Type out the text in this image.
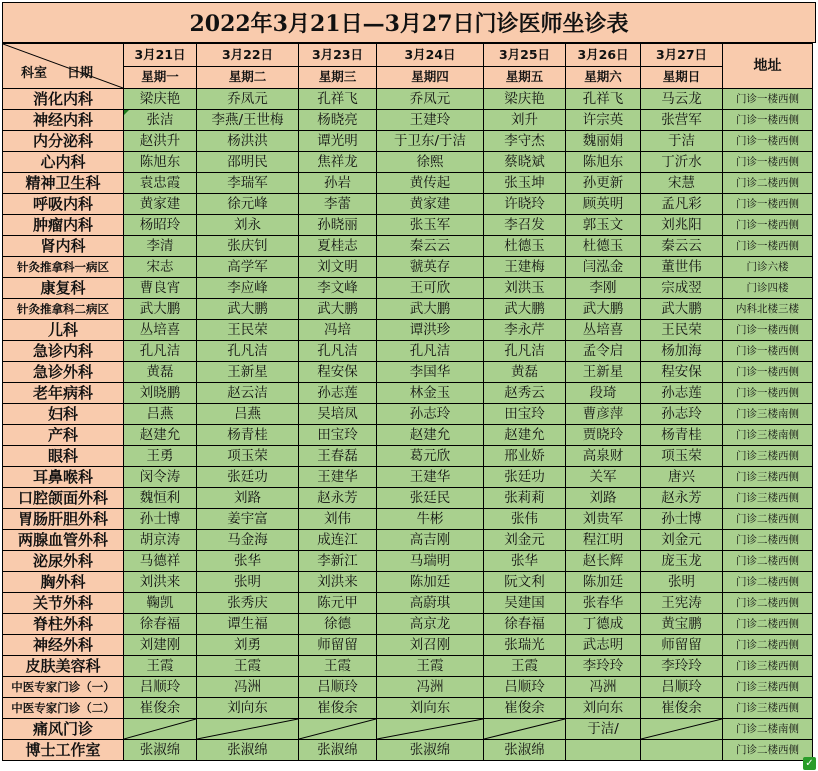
2022年3月21日—3月27日门诊医师坐诊表
科室 日期	3月21日	3月22日	3月23日	3月24日	3月25日	3月26日	3月27日	地址
	星期一	星期二	星期三	星期四	星期五	星期六	星期日	
消化内科	梁庆艳	乔凤元	孔祥飞	乔凤元	梁庆艳	孔祥飞	马云龙	门诊一楼西侧
神经内科	张洁	李燕/王世梅	杨晓亮	王建玲	刘升	许宗英	张营军	门诊一楼西侧
内分泌科	赵洪升	杨洪洪	谭光明	于卫东/于洁	李守杰	魏丽娟	于洁	门诊一楼西侧
心内科	陈旭东	邵明民	焦祥龙	徐熙	蔡晓斌	陈旭东	丁沂水	门诊一楼西侧
精神卫生科	袁忠霞	李瑞军	孙岩	黄传起	张玉坤	孙更新	宋慧	门诊二楼西侧
呼吸内科	黄家建	徐元峰	李蕾	黄家建	许晓玲	顾英明	孟凡彩	门诊一楼西侧
肿瘤内科	杨昭玲	刘永	孙晓丽	张玉军	李召发	郭玉文	刘兆阳	门诊一楼西侧
肾内科	李清	张庆钊	夏桂志	秦云云	杜德玉	杜德玉	秦云云	门诊一楼西侧
针灸推拿科一病区	宋志	高学军	刘文明	虢英存	王建梅	闫泓金	董世伟	门诊六楼
康复科	曹良宵	李应峰	李文峰	王可欣	刘洪玉	李刚	宗成翌	门诊四楼
针灸推拿科二病区	武大鹏	武大鹏	武大鹏	武大鹏	武大鹏	武大鹏	武大鹏	内科北楼三楼
儿科	丛培喜	王民荣	冯培	谭洪珍	李永芹	丛培喜	王民荣	门诊一楼西侧
急诊内科	孔凡洁	孔凡洁	孔凡洁	孔凡洁	孔凡洁	孟令启	杨加海	门诊一楼西侧
急诊外科	黄磊	王新星	程安保	李国华	黄磊	王新星	程安保	门诊一楼西侧
老年病科	刘晓鹏	赵云洁	孙志莲	林金玉	赵秀云	段琦	孙志莲	门诊一楼西侧
妇科	吕燕	吕燕	吴培凤	孙志玲	田宝玲	曹彦萍	孙志玲	门诊三楼南侧
产科	赵建允	杨青桂	田宝玲	赵建允	赵建允	贾晓玲	杨青桂	门诊三楼南侧
眼科	王勇	项玉荣	王春磊	葛元欣	邢业娇	高泉财	项玉荣	门诊三楼西侧
耳鼻喉科	闵令涛	张廷功	王建华	王建华	张廷功	关军	唐兴	门诊三楼西侧
口腔颌面外科	魏恒利	刘路	赵永芳	张廷民	张莉莉	刘路	赵永芳	门诊三楼西侧
胃肠肝胆外科	孙士博	姜宇富	刘伟	牛彬	张伟	刘贵军	孙士博	门诊二楼西侧
两腺血管外科	胡京涛	马金海	成连江	高吉刚	刘金元	程江明	刘金元	门诊二楼西侧
泌尿外科	马德祥	张华	李新江	马瑞明	张华	赵长辉	庞玉龙	门诊二楼西侧
胸外科	刘洪来	张明	刘洪来	陈加廷	阮文利	陈加廷	张明	门诊二楼西侧
关节外科	鞠凯	张秀庆	陈元甲	高蔚琪	吴建国	张春华	王宪涛	门诊二楼西侧
脊柱外科	徐春福	谭生福	徐德	高京龙	徐春福	丁德成	黄宝鹏	门诊二楼西侧
神经外科	刘建刚	刘勇	师留留	刘召刚	张瑞光	武志明	师留留	门诊二楼西侧
皮肤美容科	王霞	王霞	王霞	王霞	王霞	李玲玲	李玲玲	门诊三楼西侧
中医专家门诊（一）	吕顺玲	冯洲	吕顺玲	冯洲	吕顺玲	冯洲	吕顺玲	门诊三楼西侧
中医专家门诊（二）	崔俊余	刘向东	崔俊余	刘向东	崔俊余	刘向东	崔俊余	门诊三楼西侧
痛风门诊						于洁/		门诊二楼南侧
博士工作室	张淑绵	张淑绵	张淑绵	张淑绵	张淑绵			门诊二楼西侧
✓
